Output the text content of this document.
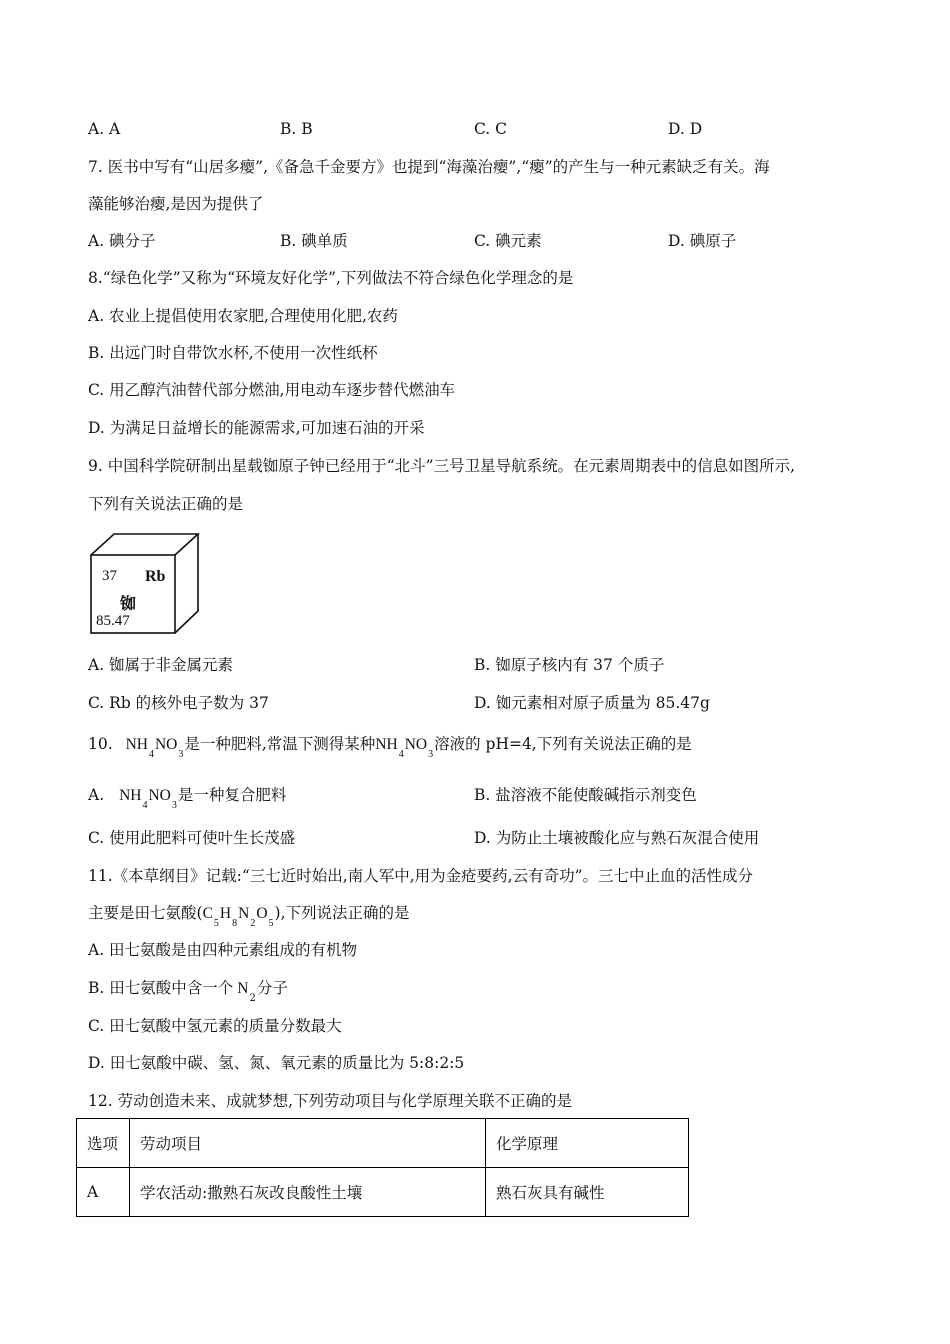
A. A	B. B	C. C	D. D
7. 医书中写有“山居多瘿”,《备急千金要方》也提到“海藻治瘿”,“瘿”的产生与一种元素缺乏有关。海
藻能够治瘿,是因为提供了
A. 碘分子	B. 碘单质	C. 碘元素	D. 碘原子
8.“绿色化学”又称为“环境友好化学”,下列做法不符合绿色化学理念的是
A. 农业上提倡使用农家肥,合理使用化肥,农药
B. 出远门时自带饮水杯,不使用一次性纸杯
C. 用乙醇汽油替代部分燃油,用电动车逐步替代燃油车
D. 为满足日益增长的能源需求,可加速石油的开采
9. 中国科学院研制出星载铷原子钟已经用于“北斗”三号卫星导航系统。在元素周期表中的信息如图所示,
下列有关说法正确的是
37 Rb
铷
85.47
A. 铷属于非金属元素	B. 铷原子核内有 37 个质子
C. Rb 的核外电子数为 37	D. 铷元素相对原子质量为 85.47g
10. $NH_4NO_3$是一种肥料,常温下测得某种$NH_4NO_3$溶液的 pH=4,下列有关说法正确的是
A. $NH_4NO_3$是一种复合肥料	B. 盐溶液不能使酸碱指示剂变色
C. 使用此肥料可使叶生长茂盛	D. 为防止土壤被酸化应与熟石灰混合使用
11.《本草纲目》记载:“三七近时始出,南人军中,用为金疮要药,云有奇功”。三七中止血的活性成分
主要是田七氨酸$(C_5H_8N_2O_5)$,下列说法正确的是
A. 田七氨酸是由四种元素组成的有机物
B. 田七氨酸中含一个 $N_2$分子
C. 田七氨酸中氢元素的质量分数最大
D. 田七氨酸中碳、氢、氮、氧元素的质量比为 5:8:2:5
12. 劳动创造未来、成就梦想,下列劳动项目与化学原理关联不正确的是
选项	劳动项目	化学原理
A	学农活动:撒熟石灰改良酸性土壤	熟石灰具有碱性
